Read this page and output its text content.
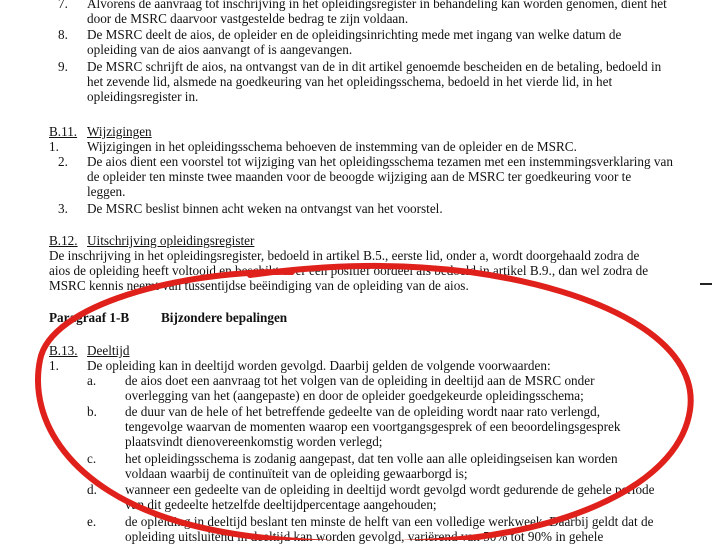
7. Alvorens de aanvraag tot inschrijving in het opleidingsregister in behandeling kan worden genomen, dient het
door de MSRC daarvoor vastgestelde bedrag te zijn voldaan.
8. De MSRC deelt de aios, de opleider en de opleidingsinrichting mede met ingang van welke datum de
opleiding van de aios aanvangt of is aangevangen.
9. De MSRC schrijft de aios, na ontvangst van de in dit artikel genoemde bescheiden en de betaling, bedoeld in
het zevende lid, alsmede na goedkeuring van het opleidingsschema, bedoeld in het vierde lid, in het
opleidingsregister in.
B.11. Wijzigingen
1. Wijzigingen in het opleidingsschema behoeven de instemming van de opleider en de MSRC.
2. De aios dient een voorstel tot wijziging van het opleidingsschema tezamen met een instemmingsverklaring van
de opleider ten minste twee maanden voor de beoogde wijziging aan de MSRC ter goedkeuring voor te
leggen.
3. De MSRC beslist binnen acht weken na ontvangst van het voorstel.
B.12. Uitschrijving opleidingsregister
De inschrijving in het opleidingsregister, bedoeld in artikel B.5., eerste lid, onder a, wordt doorgehaald zodra de
aios de opleiding heeft voltooid en beschikt over een positief oordeel als bedoeld in artikel B.9., dan wel zodra de
MSRC kennis neemt van tussentijdse beëindiging van de opleiding van de aios.
Paragraaf 1-B Bijzondere bepalingen
B.13. Deeltijd
1. De opleiding kan in deeltijd worden gevolgd. Daarbij gelden de volgende voorwaarden:
a. de aios doet een aanvraag tot het volgen van de opleiding in deeltijd aan de MSRC onder
overlegging van het (aangepaste) en door de opleider goedgekeurde opleidingsschema;
b. de duur van de hele of het betreffende gedeelte van de opleiding wordt naar rato verlengd,
tengevolge waarvan de momenten waarop een voortgangsgesprek of een beoordelingsgesprek
plaatsvindt dienovereenkomstig worden verlegd;
c. het opleidingsschema is zodanig aangepast, dat ten volle aan alle opleidingseisen kan worden
voldaan waarbij de continuïteit van de opleiding gewaarborgd is;
d. wanneer een gedeelte van de opleiding in deeltijd wordt gevolgd wordt gedurende de gehele periode
van dit gedeelte hetzelfde deeltijdpercentage aangehouden;
e. de opleiding in deeltijd beslant ten minste de helft van een volledige werkweek. Daarbij geldt dat de
opleiding uitsluitend in deeltijd kan worden gevolgd, variërend van 50% tot 90% in gehele
